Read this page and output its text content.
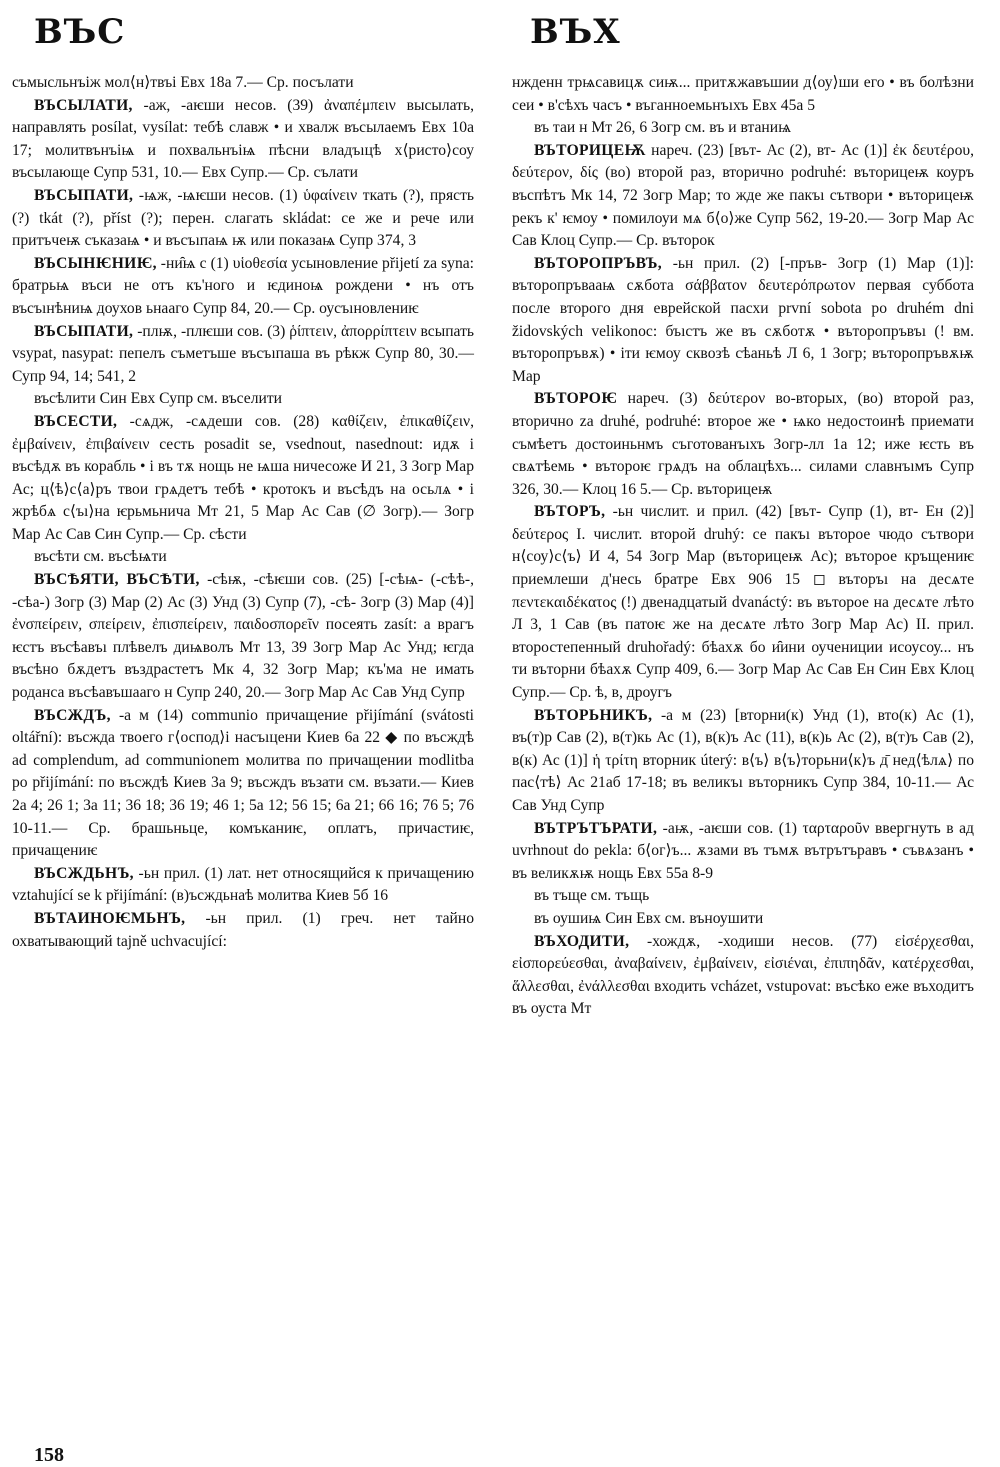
ВЪС	ВЪХ

съмысльнъіж мол⟨н⟩твъі Евх 18а 7.— Ср. посълати

ВЪСЫЛАТИ, -аж, -аѥши несов. (39) ἀναπέμπειν высылать, направлять posílat, vysílat: тебѣ славж • и хвалж въсылаемъ Евх 10а 17; молитвънъіѩ и похвальнъіѩ пѣсни владъıцѣ х⟨ристо⟩соу въсылающе Супр 531, 10.— Евх Супр.— Ср. сълати

ВЪСЫПАТИ, -ѩж, -ѩѥши несов. (1) ὑφαίνειν ткать (?), прясть (?) tkát (?), příst (?); перен. слагать skládat: се же и рече или притъчеѭ съказаѩ • и въсъıпаѩ ѭ или показаѩ Супр 374, 3

ВЪСЫНѤНИѤ, -ни̑ѩ с (1) υἱοθεσία усыновление přijetí za syna: братрьѩ въси не отъ къ'ного и ѥдиноѩ рождени • нъ отъ въсъıнѣниѩ доухов ьнааго Супр 84, 20.— Ср. оусъıновлениѥ

ВЪСЫПАТИ, -плѭ, -плѥши сов. (3) ῥίπτειν, ἀπορρίπτειν всыпать vsypat, nasypat: пепелъ съметъше въсъıпаша въ рѣкж Супр 80, 30.— Супр 94, 14; 541, 2

въсѣлити Син Евх Супр см. въселити

ВЪСЕСТИ, -сѧдж, -сѧдеши сов. (28) καθίζειν, ἐπικαθίζειν, ἐμβαίνειν, ἐπιβαίνειν сесть posadit se, vsednout, nasednout: идѫ і въсѣдѫ въ корабль • і въ тѫ нощь не ѩша ничесоже И 21, 3 Зогр Мар Ас; ц⟨ѣ⟩с⟨а⟩ръ твои грѧдетъ тебѣ • кротокъ и въсѣдъ на осьлѧ • і жрѣбѧ с⟨ъı⟩на ѥрьмьнича Мт 21, 5 Мар Ас Сав (∅ Зогр).— Зогр Мар Ас Сав Син Супр.— Ср. сѣсти

въсѣти см. въсѣѩти

ВЪСѢЯТИ, ВЪСѢТИ, -сѣѭ, -сѣѥши сов. (25) [-сѣѩ- (-сѣѣ-, -сѣа-) Зогр (3) Мар (2) Ас (3) Унд (3) Супр (7), -сѣ- Зогр (3) Мар (4)] ἐνσπείρειν, σπείρειν, ἐπισπείρειν, παιδοσπορεῖν посеять zasít: а врагъ ѥстъ въсѣавъı плѣвелъ диѩволъ Мт 13, 39 Зогр Мар Ас Унд; ѥгда въсѣно бѫдетъ въздрастетъ Мк 4, 32 Зогр Мар; къ'ма не имать роданса въсѣавъшааго н Супр 240, 20.— Зогр Мар Ас Сав Унд Супр

ВЪСЖДЪ, -а м (14) communio причащение přijímání (svátosti oltářní): въсжда твоего г⟨оспод⟩і насъıцени Киев 6а 22 ◆ по въсждѣ ad complendum, ad communionem молитва по причащении modlitba po přijímání: по въсждѣ Киев 3а 9; въсждъ възати см. възати.— Киев 2а 4; 26 1; 3а 11; 36 18; 36 19; 46 1; 5а 12; 56 15; 6а 21; 66 16; 76 5; 76 10-11.— Ср. брашьньце, комъканиѥ, оплатъ, причастиѥ, причащениѥ

ВЪСЖДЬНЪ, -ьн прил. (1) лат. нет относящийся к причащению vztahující se k přijímání: (в)ъсждьнаѣ молитва Киев 5б 16

ВЪТАИНОѤМЬНЪ, -ьн прил. (1) греч. нет тайно охватывающий tajně uchvacující:

нжденн трѩсавицѫ сиѭ... притѫжавъшии д⟨оу⟩ши его • въ болѣзни сеи • в'сѣхъ часъ • въганноемьнъıхъ Евх 45а 5

въ таи н Мт 26, 6 Зогр см. въ и втаниѩ

ВЪТОРИЦЕѬ нареч. (23) [вът- Ас (2), вт- Ас (1)] ἐκ δευτέρου, δεύτερον, δίς (во) второй раз, вторично podruhé: въторицеѭ коуръ въспѣтъ Мк 14, 72 Зогр Мар; то жде же пакъı сътвори • въторицеѭ рекъ к' ѥмоу • помилоуи мѧ б⟨о⟩же Супр 562, 19-20.— Зогр Мар Ас Сав Клоц Супр.— Ср. въторок

ВЪТОРОПРЪВЪ, -ьн прил. (2) [-пръв- Зогр (1) Мар (1)]: въторопръвааѩ сѫбота σάββατον δευτερόπρωτον первая суббота после второго дня еврейской пасхи první sobota po druhém dni židovských velikonoc: бъıстъ же въ сѫботѫ • въторопръвъı (! вм. въторопръвѫ) • іти ѥмоу сквозѣ сѣаньѣ Л 6, 1 Зогр; въторопръвѫѭ Мар

ВЪТОРОѤ нареч. (3) δεύτερον во-вторых, (во) второй раз, вторично za druhé, podruhé: второе же • ѩко недостоинѣ приемати съмѣетъ достоиньнмъ съготованъıхъ Зогр-лл 1а 12; иже ѥсть въ свѧтѣемь • вътороѥ грѧдъ на облацѣхъ... силами славнъıмъ Супр 326, 30.— Клоц 16 5.— Ср. въторицеѭ

ВЪТОРЪ, -ьн числит. и прил. (42) [вът- Супр (1), вт- Ен (2)] δεύτερος I. числит. второй druhý: се пакъı въторое чюдо сътвори н⟨соу⟩с⟨ъ⟩ И 4, 54 Зогр Мар (въторицеѭ Ас); въторое кръщениѥ приемлеши д'несь братре Евх 906 15 ◻ въторъı на десѧте πεντεκαιδέκατος (!) двенадцатый dvanáctý: въ въторое на десѧте лѣто Л 3, 1 Сав (въ патоѥ же на десѧте лѣто Зогр Мар Ас) II. прил. второстепенный druhořadý: бѣахѫ бо и̑ини оучениции исоусоу... нъ ти въторни бѣахѫ Супр 409, 6.— Зогр Мар Ас Сав Ен Син Евх Клоц Супр.— Ср. ѣ, в, дроугъ

ВЪТОРЬНИКЪ, -а м (23) [вторни(к) Унд (1), вто(к) Ас (1), въ(т)р Сав (2), в(т)кь Ас (1), в(к)ъ Ас (11), в(к)ь Ас (2), в(т)ъ Сав (2), в(к) Ас (1)] ἡ τρίτη вторник úterý: в⟨ъ⟩ в⟨ъ⟩торьни⟨к⟩ъ д̄ нед⟨ѣлѧ⟩ по пас⟨тѣ⟩ Ас 21аб 17-18; въ великъı въторникъ Супр 384, 10-11.— Ас Сав Унд Супр

ВЪТРЪТЪРАТИ, -аѭ, -аѥши сов. (1) ταρταροῦν ввергнуть в ад uvrhnout do pekla: б⟨ог⟩ъ... ѫзами въ тъмѫ вътрътъравъ • съвѧзанъ • въ великѫѭ нощь Евх 55а 8-9

въ тъще см. тъщь

въ оушиѩ Син Евх см. въноушити

ВЪХОДИТИ, -хождѫ, -ходиши несов. (77) εἰσέρχεσθαι, εἰσπορεύεσθαι, ἀναβαίνειν, ἐμβαίνειν, εἰσιέναι, ἐπιπηδᾶν, κατέρχεσθαι, ἅλλεσθαι, ἐνάλλεσθαι входить vcházet, vstupovat: въсѣко еже въходитъ въ оуста Мт

158
